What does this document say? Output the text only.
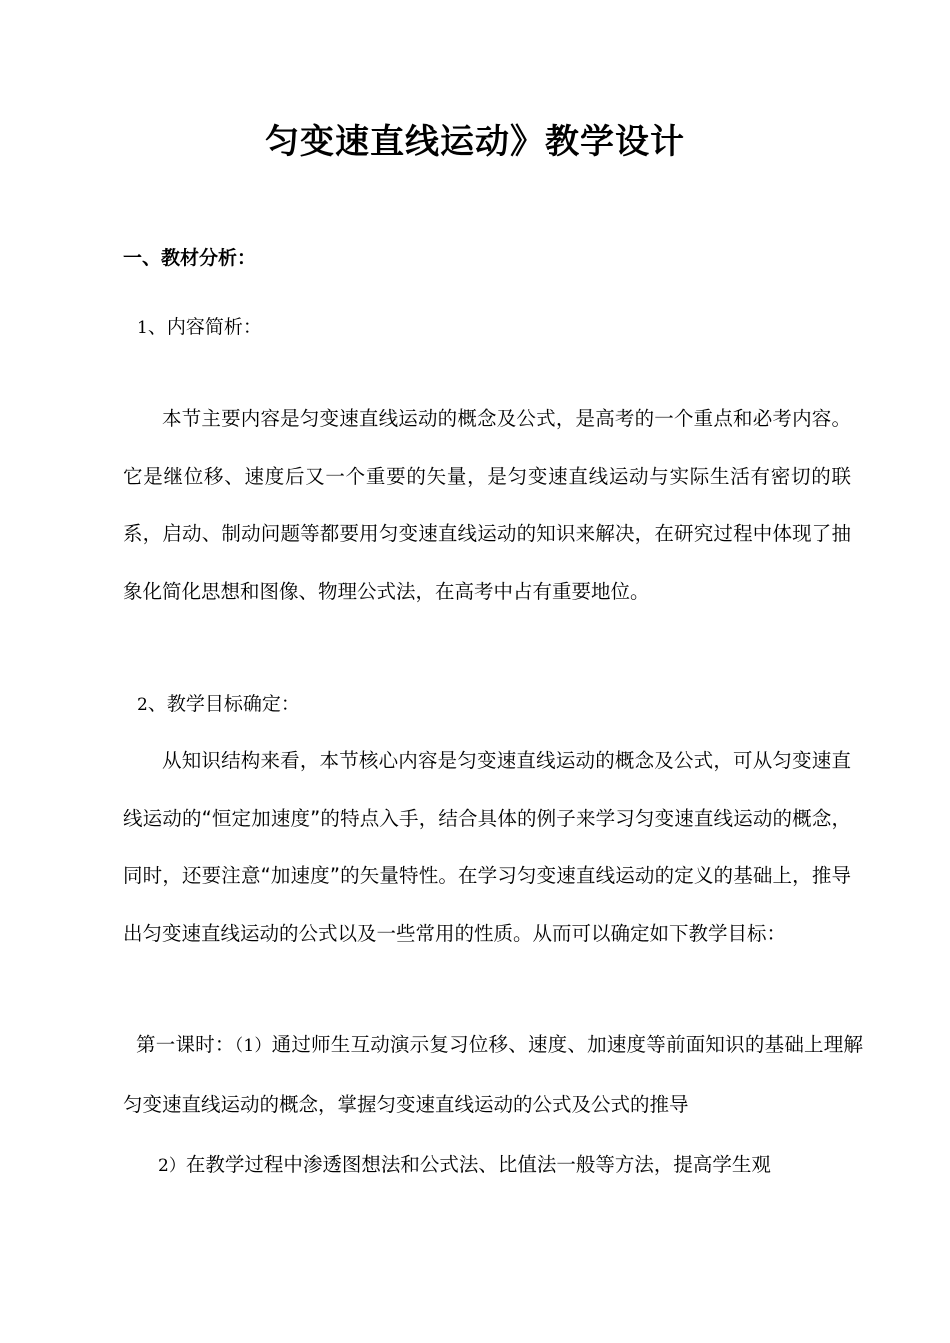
匀变速直线运动》教学设计
一、教材分析：

1、内容简析：

本节主要内容是匀变速直线运动的概念及公式，是高考的一个重点和必考内容。它是继位移、速度后又一个重要的矢量，是匀变速直线运动与实际生活有密切的联系，启动、制动问题等都要用匀变速直线运动的知识来解决，在研究过程中体现了抽象化简化思想和图像、物理公式法，在高考中占有重要地位。

2、教学目标确定：

从知识结构来看，本节核心内容是匀变速直线运动的概念及公式，可从匀变速直线运动的“恒定加速度”的特点入手，结合具体的例子来学习匀变速直线运动的概念，同时，还要注意“加速度”的矢量特性。在学习匀变速直线运动的定义的基础上，推导出匀变速直线运动的公式以及一些常用的性质。从而可以确定如下教学目标：

第一课时：（1）通过师生互动演示复习位移、速度、加速度等前面知识的基础上理解匀变速直线运动的概念，掌握匀变速直线运动的公式及公式的推导

2）在教学过程中渗透图想法和公式法、比值法一般等方法，提高学生观
